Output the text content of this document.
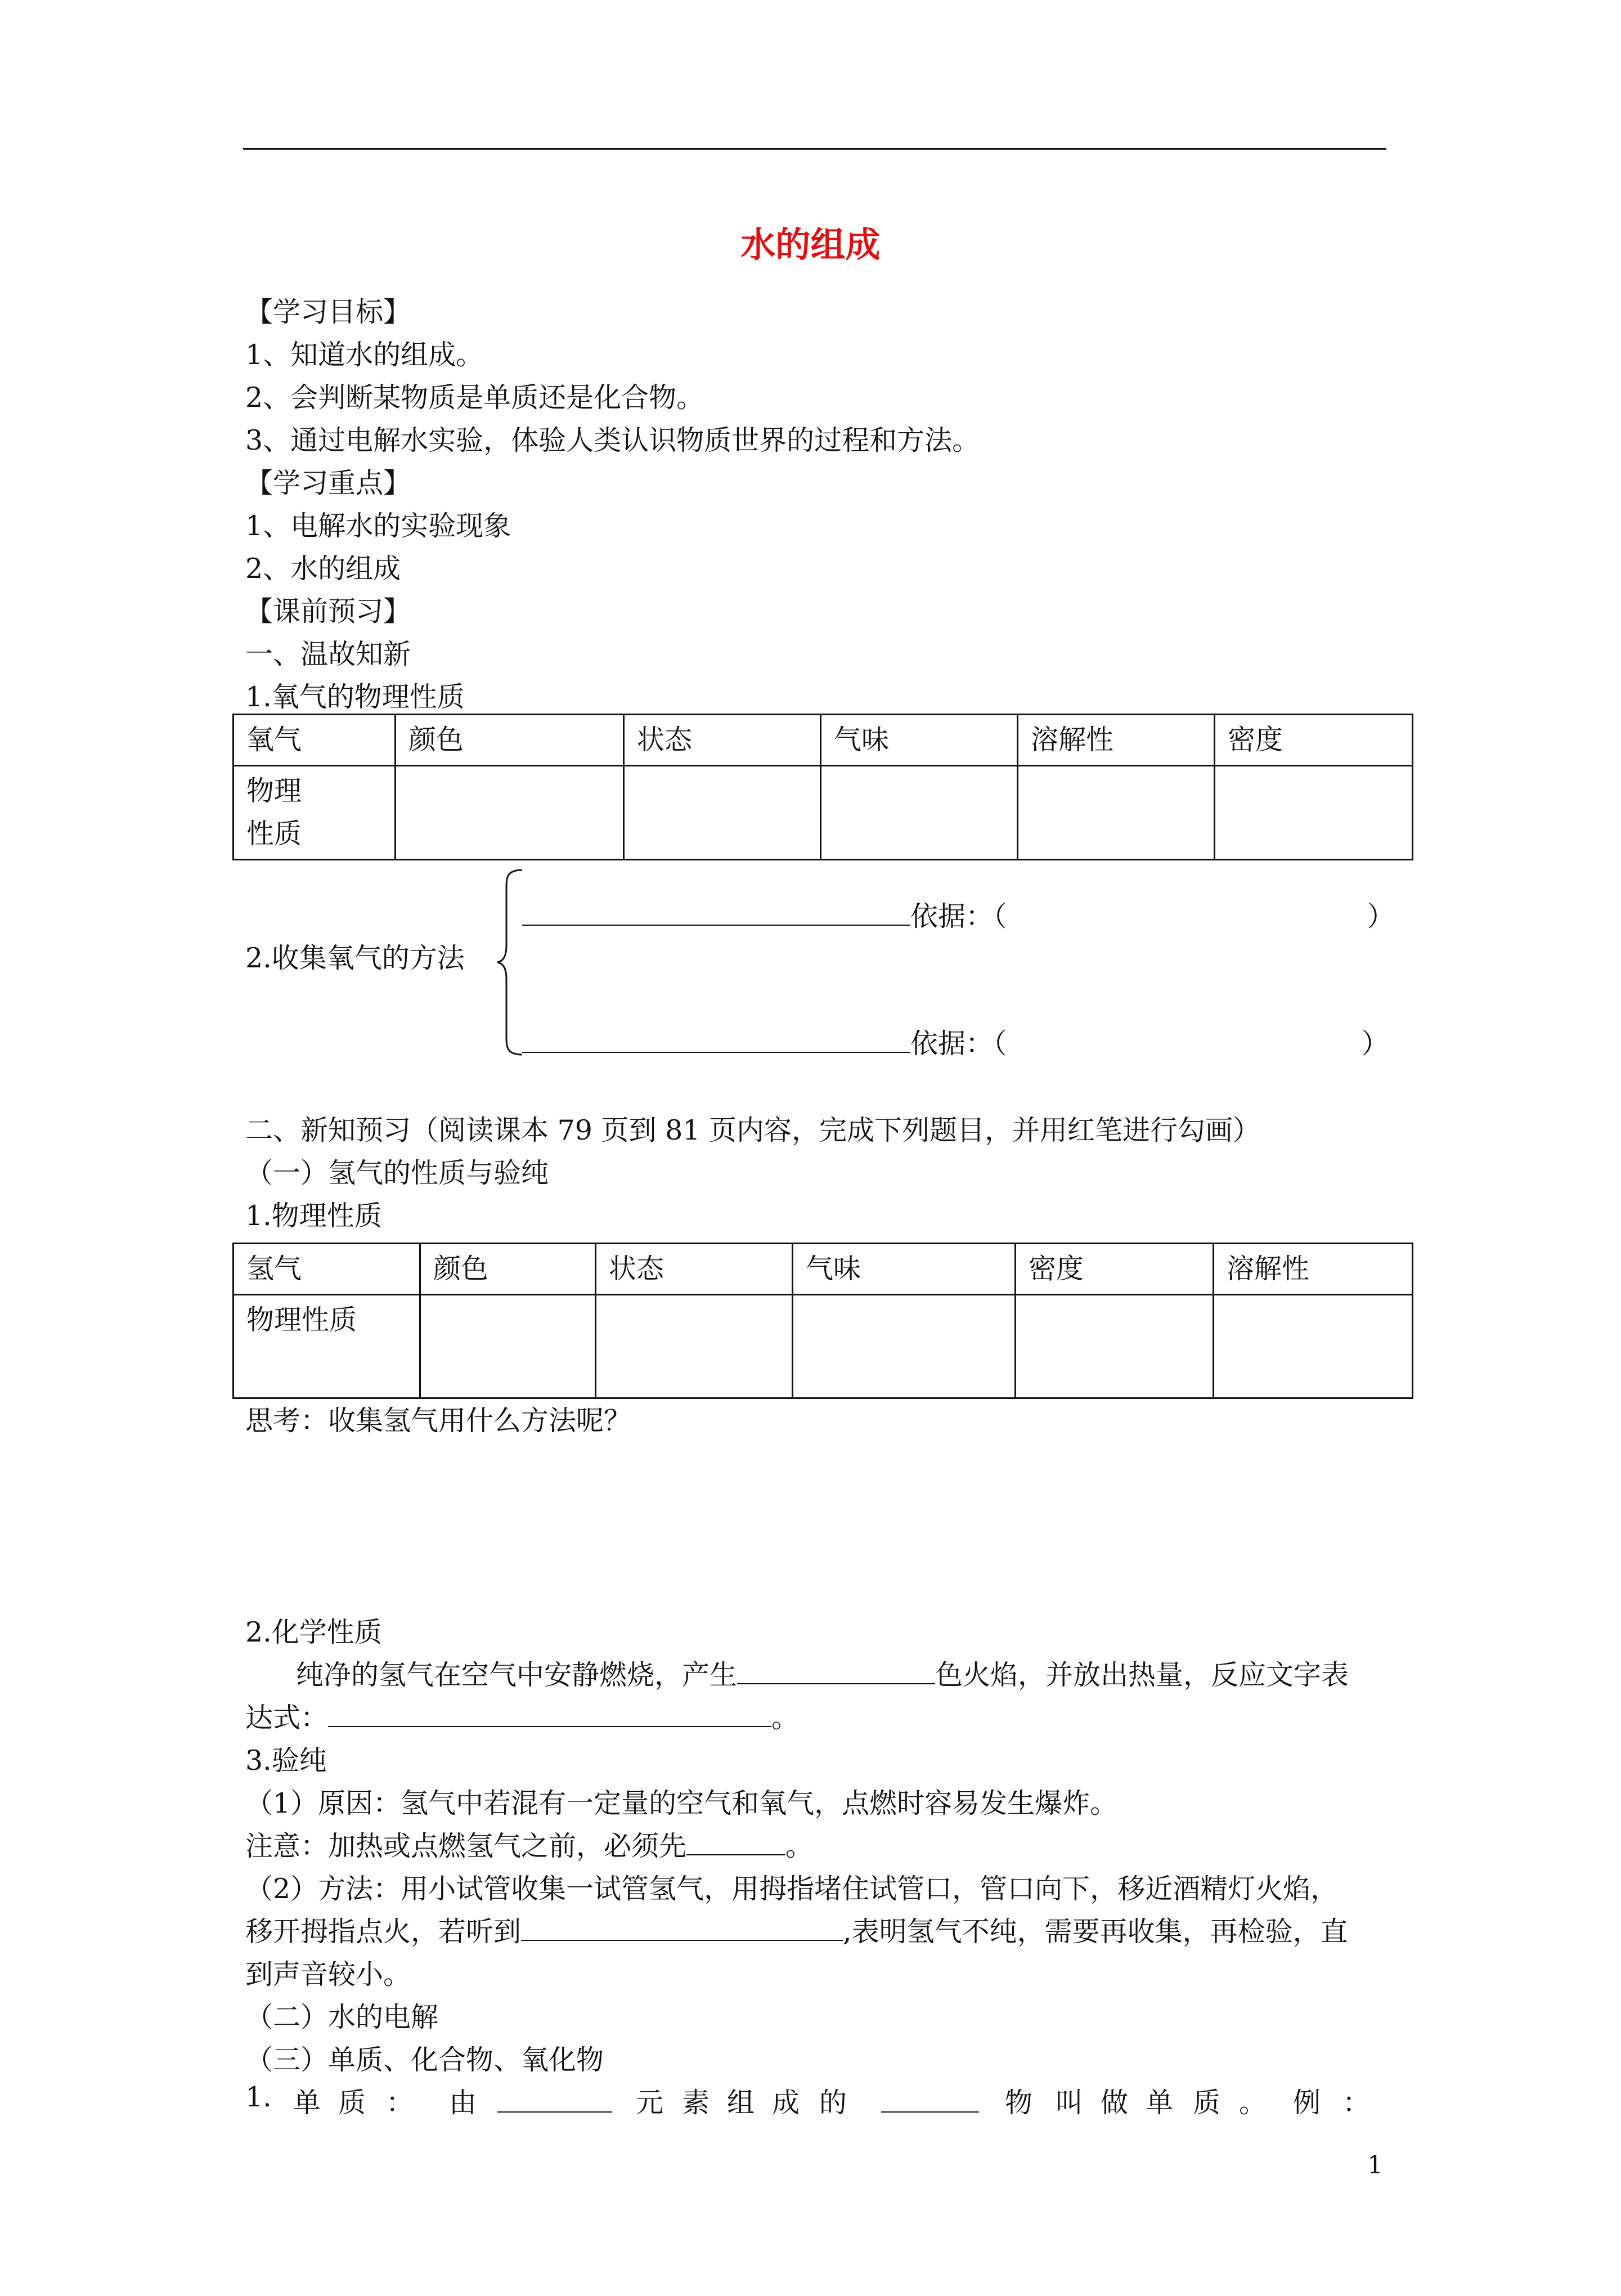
水的组成
【学习目标】
1、知道水的组成。
2、会判断某物质是单质还是化合物。
3、通过电解水实验，体验人类认识物质世界的过程和方法。
【学习重点】
1、电解水的实验现象
2、水的组成
【课前预习】
一、温故知新
1.氧气的物理性质
氧气	颜色	状态	气味	溶解性	密度
物理
性质					
2.收集氧气的方法
依据：（	）
依据：（	）
二、新知预习（阅读课本 79 页到 81 页内容，完成下列题目，并用红笔进行勾画）
（一）氢气的性质与验纯
1.物理性质
氢气	颜色	状态	气味	密度	溶解性
物理性质					
思考：收集氢气用什么方法呢？
2.化学性质
纯净的氢气在空气中安静燃烧，产生	色火焰，并放出热量，反应文字表
达式：	。
3.验纯
（1）原因：氢气中若混有一定量的空气和氧气，点燃时容易发生爆炸。
注意：加热或点燃氢气之前，必须先	。
（2）方法：用小试管收集一试管氢气，用拇指堵住试管口，管口向下，移近酒精灯火焰，
移开拇指点火，若听到	,表明氢气不纯，需要再收集，再检验，直
到声音较小。
（二）水的电解
（三）单质、化合物、氧化物
1. 单 质 ： 由	元 素 组 成 的	物 叫 做 单 质 。 例 ：
1
